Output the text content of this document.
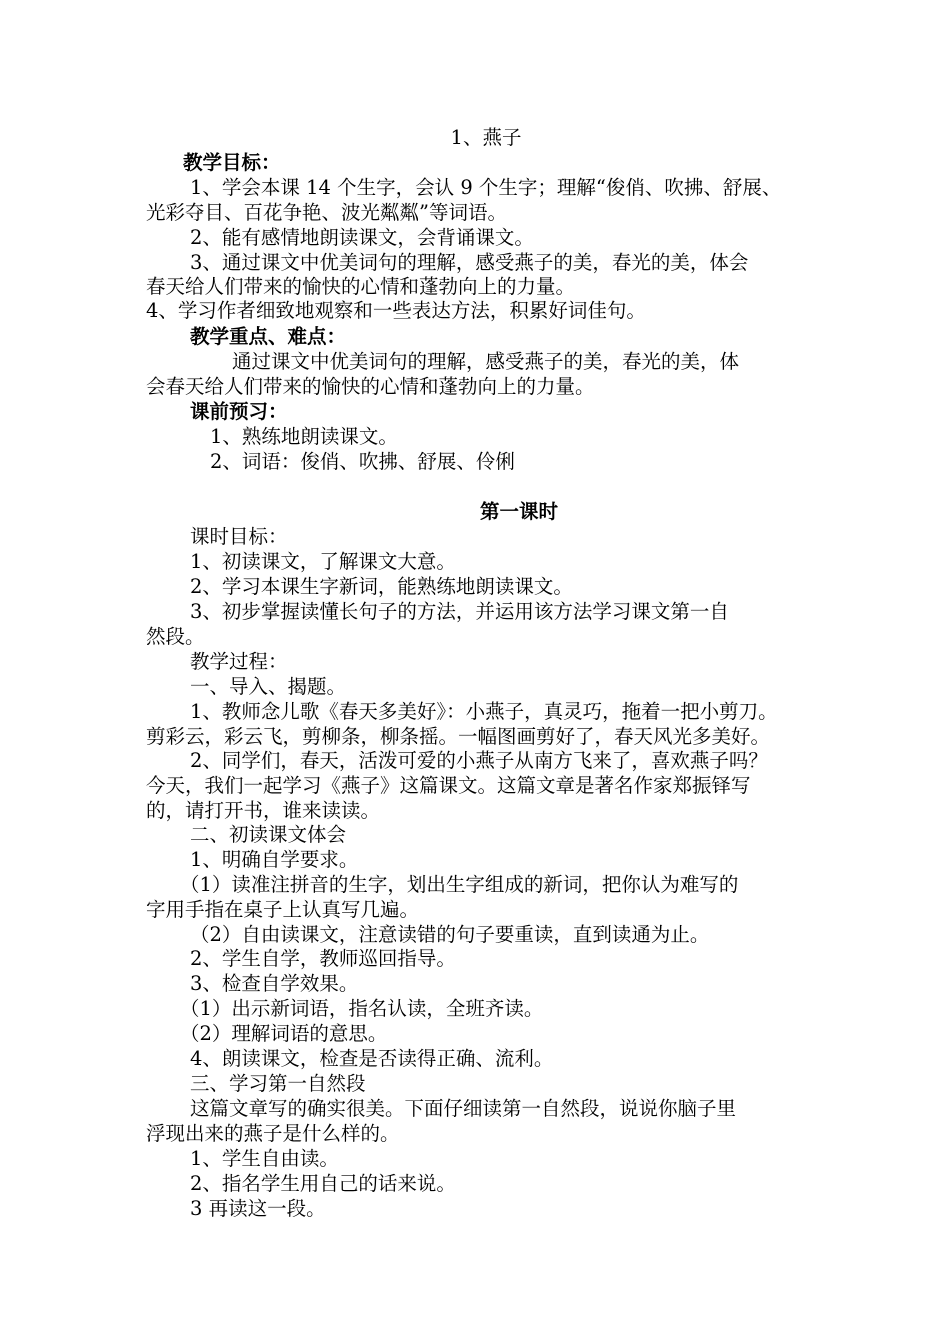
1、燕子
教学目标：
1、学会本课 14 个生字，会认 9 个生字；理解“俊俏、吹拂、舒展、
光彩夺目、百花争艳、波光粼粼”等词语。
2、能有感情地朗读课文，会背诵课文。
3、通过课文中优美词句的理解，感受燕子的美，春光的美，体会
春天给人们带来的愉快的心情和蓬勃向上的力量。
4、学习作者细致地观察和一些表达方法，积累好词佳句。
教学重点、难点：
通过课文中优美词句的理解，感受燕子的美，春光的美，体
会春天给人们带来的愉快的心情和蓬勃向上的力量。
课前预习：
1、熟练地朗读课文。
2、词语：俊俏、吹拂、舒展、伶俐
第一课时
课时目标：
1、初读课文，了解课文大意。
2、学习本课生字新词，能熟练地朗读课文。
3、初步掌握读懂长句子的方法，并运用该方法学习课文第一自
然段。
教学过程：
一、导入、揭题。
1、教师念儿歌《春天多美好》：小燕子，真灵巧，拖着一把小剪刀。
剪彩云，彩云飞，剪柳条，柳条摇。一幅图画剪好了，春天风光多美好。
2、同学们，春天，活泼可爱的小燕子从南方飞来了，喜欢燕子吗？
今天，我们一起学习《燕子》这篇课文。这篇文章是著名作家郑振铎写
的，请打开书，谁来读读。
二、初读课文体会
1、明确自学要求。
（1）读准注拼音的生字，划出生字组成的新词，把你认为难写的
字用手指在桌子上认真写几遍。
（2）自由读课文，注意读错的句子要重读，直到读通为止。
2、学生自学，教师巡回指导。
3、检查自学效果。
（1）出示新词语，指名认读，全班齐读。
（2）理解词语的意思。
4、朗读课文，检查是否读得正确、流利。
三、学习第一自然段
这篇文章写的确实很美。下面仔细读第一自然段，说说你脑子里
浮现出来的燕子是什么样的。
1、学生自由读。
2、指名学生用自己的话来说。
3 再读这一段。
